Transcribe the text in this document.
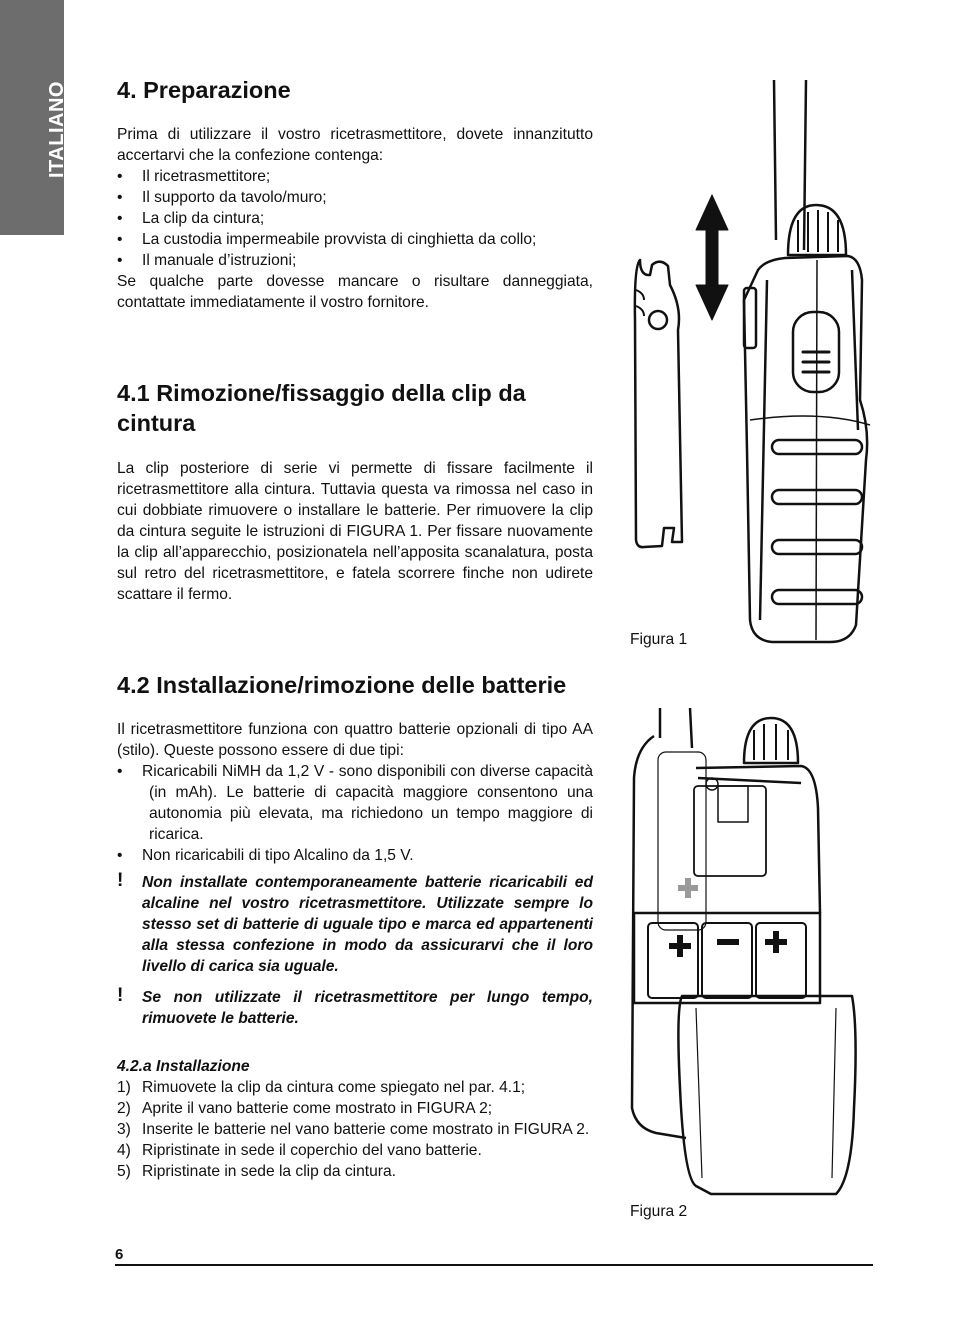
ITALIANO 4. Preparazione

Prima di utilizzare il vostro ricetrasmettitore, dovete innanzitutto accertarvi che la confezione contenga:

• Il ricetrasmettitore;
• Il supporto da tavolo/muro;
• La clip da cintura;
• La custodia impermeabile provvista di cinghietta da collo;
• Il manuale d’istruzioni;

Se qualche parte dovesse mancare o risultare danneggiata, contattate immediatamente il vostro fornitore.

4.1 Rimozione/fissaggio della clip da cintura

La clip posteriore di serie vi permette di fissare facilmente il ricetrasmettitore alla cintura. Tuttavia questa va rimossa nel caso in cui dobbiate rimuovere o installare le batterie. Per rimuovere la clip da cintura seguite le istruzioni di FIGURA 1. Per fissare nuovamente la clip all’apparecchio, posizionatela nell’apposita scanalatura, posta sul retro del ricetrasmettitore, e fatela scorrere finche non udirete scattare il fermo.

4.2 Installazione/rimozione delle batterie

Il ricetrasmettitore funziona con quattro batterie opzionali di tipo AA (stilo). Queste possono essere di due tipi:

• Ricaricabili NiMH da 1,2 V - sono disponibili con diverse capacità (in mAh). Le batterie di capacità maggiore consentono una autonomia più elevata, ma richiedono un tempo maggiore di ricarica.
• Non ricaricabili di tipo Alcalino da 1,5 V.
! Non installate contemporaneamente batterie ricaricabili ed alcaline nel vostro ricetrasmettitore. Utilizzate sempre lo stesso set di batterie di uguale tipo e marca ed appartenenti alla stessa confezione in modo da assicurarvi che il loro livello di carica sia uguale.
! Se non utilizzate il ricetrasmettitore per lungo tempo, rimuovete le batterie.

4.2.a Installazione

1) Rimuovete la clip da cintura come spiegato nel par. 4.1;
2) Aprite il vano batterie come mostrato in FIGURA 2;
3) Inserite le batterie nel vano batterie come mostrato in FIGURA 2.
4) Ripristinate in sede il coperchio del vano batterie.
5) Ripristinate in sede la clip da cintura.
Figura 1
Figura 2
6
